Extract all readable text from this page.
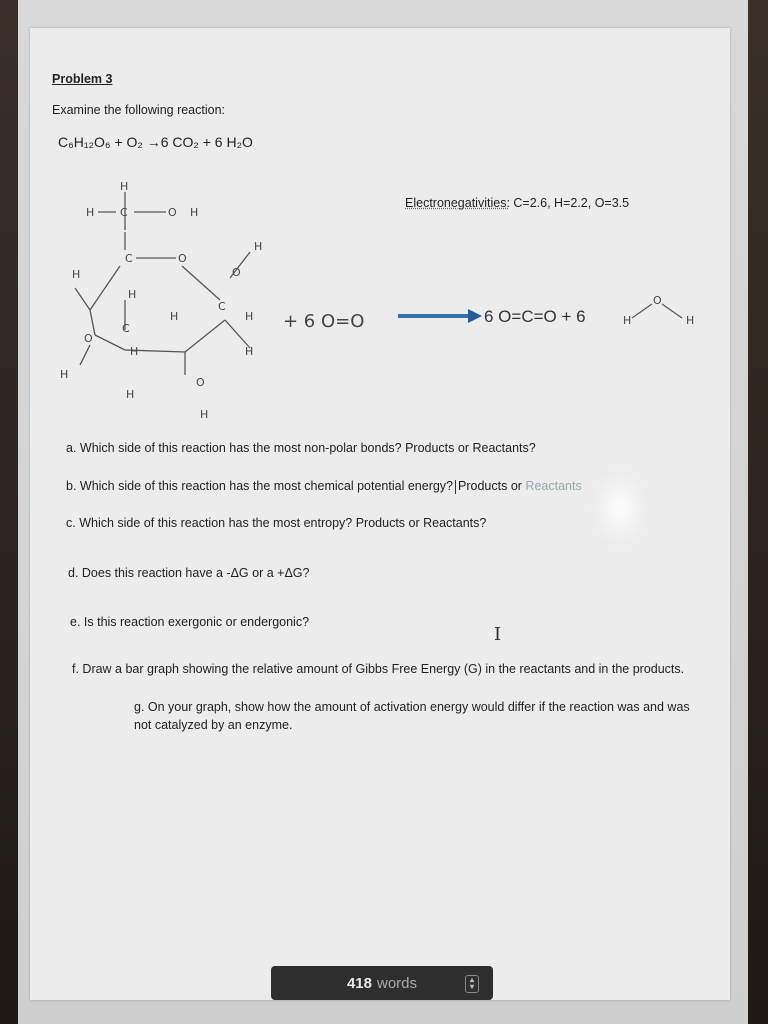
Problem 3
Examine the following reaction:
C₆H₁₂O₆ + O₂ →6 CO₂ + 6 H₂O
Electronegativities: C=2.6, H=2.2, O=3.5
H
H C	O H
C	O
H
H
H
H
O
H
H
O
H
C
H
O
H
H
C	+ 6 O=O	6 O=C=O + 6	H
O
H
a. Which side of this reaction has the most non-polar bonds? Products or Reactants?
b. Which side of this reaction has the most chemical potential energy? Products or Reactants
c. Which side of this reaction has the most entropy? Products or Reactants?
d. Does this reaction have a -ΔG or a +ΔG?
e. Is this reaction exergonic or endergonic?
I
f. Draw a bar graph showing the relative amount of Gibbs Free Energy (G) in the reactants and in the products.
g. On your graph, show how the amount of activation energy would differ if the reaction was and was not catalyzed by an enzyme.
418 words	▴
▾
